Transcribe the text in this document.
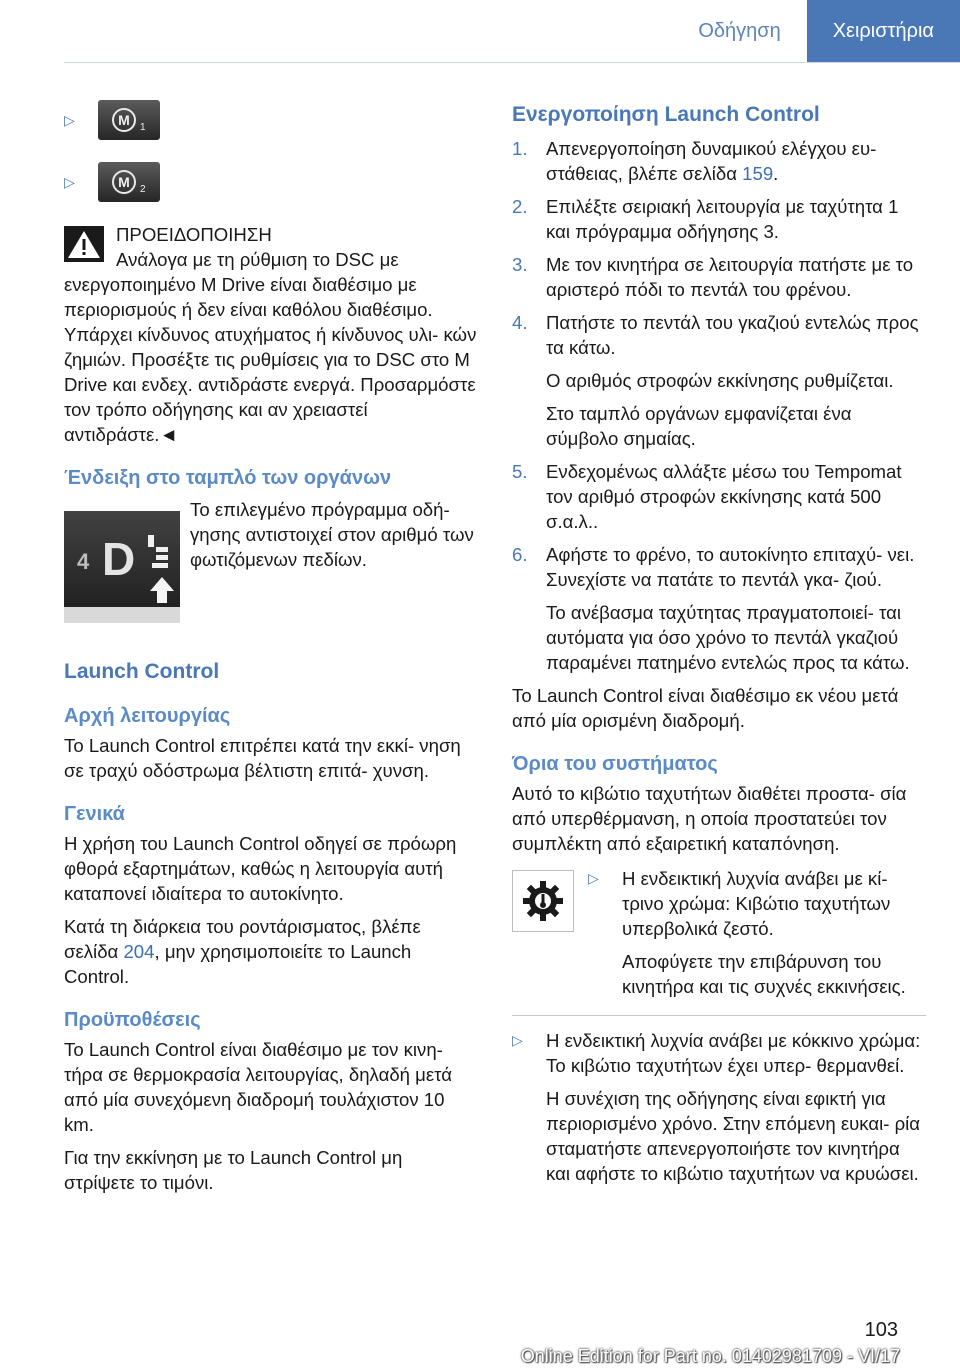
Οδήγηση	Χειριστήρια
▷	M 1
▷	M 2

ΠΡΟΕΙΔΟΠΟΙΗΣΗ

Ανάλογα με τη ρύθμιση το DSC με

ενεργοποιημένο M Drive είναι διαθέσιμο με περιορισμούς ή δεν είναι καθόλου διαθέσιμο. Υπάρχει κίνδυνος ατυχήματος ή κίνδυνος υλι- κών ζημιών. Προσέξτε τις ρυθμίσεις για το DSC στο M Drive και ενδεχ. αντιδράστε ενεργά. Προσαρμόστε τον τρόπο οδήγησης και αν χρειαστεί αντιδράστε.◄

Ένδειξη στο ταμπλό των οργάνων
4 D
Το επιλεγμένο πρόγραμμα οδή- γησης αντιστοιχεί στον αριθμό των φωτιζόμενων πεδίων.
Launch Control
Αρχή λειτουργίας

Το Launch Control επιτρέπει κατά την εκκί- νηση σε τραχύ οδόστρωμα βέλτιστη επιτά- χυνση.

Γενικά

Η χρήση του Launch Control οδηγεί σε πρόωρη φθορά εξαρτημάτων, καθώς η λειτουργία αυτή καταπονεί ιδιαίτερα το αυτοκίνητο.

Κατά τη διάρκεια του ροντάρισματος, βλέπε σελίδα 204, μην χρησιμοποιείτε το Launch Control.

Προϋποθέσεις

Το Launch Control είναι διαθέσιμο με τον κινη- τήρα σε θερμοκρασία λειτουργίας, δηλαδή μετά από μία συνεχόμενη διαδρομή τουλάχιστον 10 km.

Για την εκκίνηση με το Launch Control μη στρίψετε το τιμόνι.

Ενεργοποίηση Launch Control
1. Απενεργοποίηση δυναμικού ελέγχου ευ- στάθειας, βλέπε σελίδα 159.

2. Επιλέξτε σειριακή λειτουργία με ταχύτητα 1 και πρόγραμμα οδήγησης 3.

3. Με τον κινητήρα σε λειτουργία πατήστε με το αριστερό πόδι το πεντάλ του φρένου.

4. Πατήστε το πεντάλ του γκαζιού εντελώς προς τα κάτω.

Ο αριθμός στροφών εκκίνησης ρυθμίζεται.

Στο ταμπλό οργάνων εμφανίζεται ένα σύμβολο σημαίας.

5. Ενδεχομένως αλλάξτε μέσω του Tempomat τον αριθμό στροφών εκκίνησης κατά 500 σ.α.λ..

6. Αφήστε το φρένο, το αυτοκίνητο επιταχύ- νει. Συνεχίστε να πατάτε το πεντάλ γκα- ζιού.

Το ανέβασμα ταχύτητας πραγματοποιεί- ται αυτόματα για όσο χρόνο το πεντάλ γκαζιού παραμένει πατημένο εντελώς προς τα κάτω.

Το Launch Control είναι διαθέσιμο εκ νέου μετά από μία ορισμένη διαδρομή.

Όρια του συστήματος

Αυτό το κιβώτιο ταχυτήτων διαθέτει προστα- σία από υπερθέρμανση, η οποία προστατεύει τον συμπλέκτη από εξαιρετική καταπόνηση.

▷	Η ενδεικτική λυχνία ανάβει με κί- τρινο χρώμα: Κιβώτιο ταχυτήτων υπερβολικά ζεστό.

Αποφύγετε την επιβάρυνση του κινητήρα και τις συχνές εκκινήσεις.

▷	Η ενδεικτική λυχνία ανάβει με κόκκινο χρώμα: Το κιβώτιο ταχυτήτων έχει υπερ- θερμανθεί.

Η συνέχιση της οδήγησης είναι εφικτή για περιορισμένο χρόνο. Στην επόμενη ευκαι- ρία σταματήστε απενεργοποιήστε τον κινητήρα και αφήστε το κιβώτιο ταχυτήτων να κρυώσει.

103
Online Edition for Part no. 01402981709 - VI/17
